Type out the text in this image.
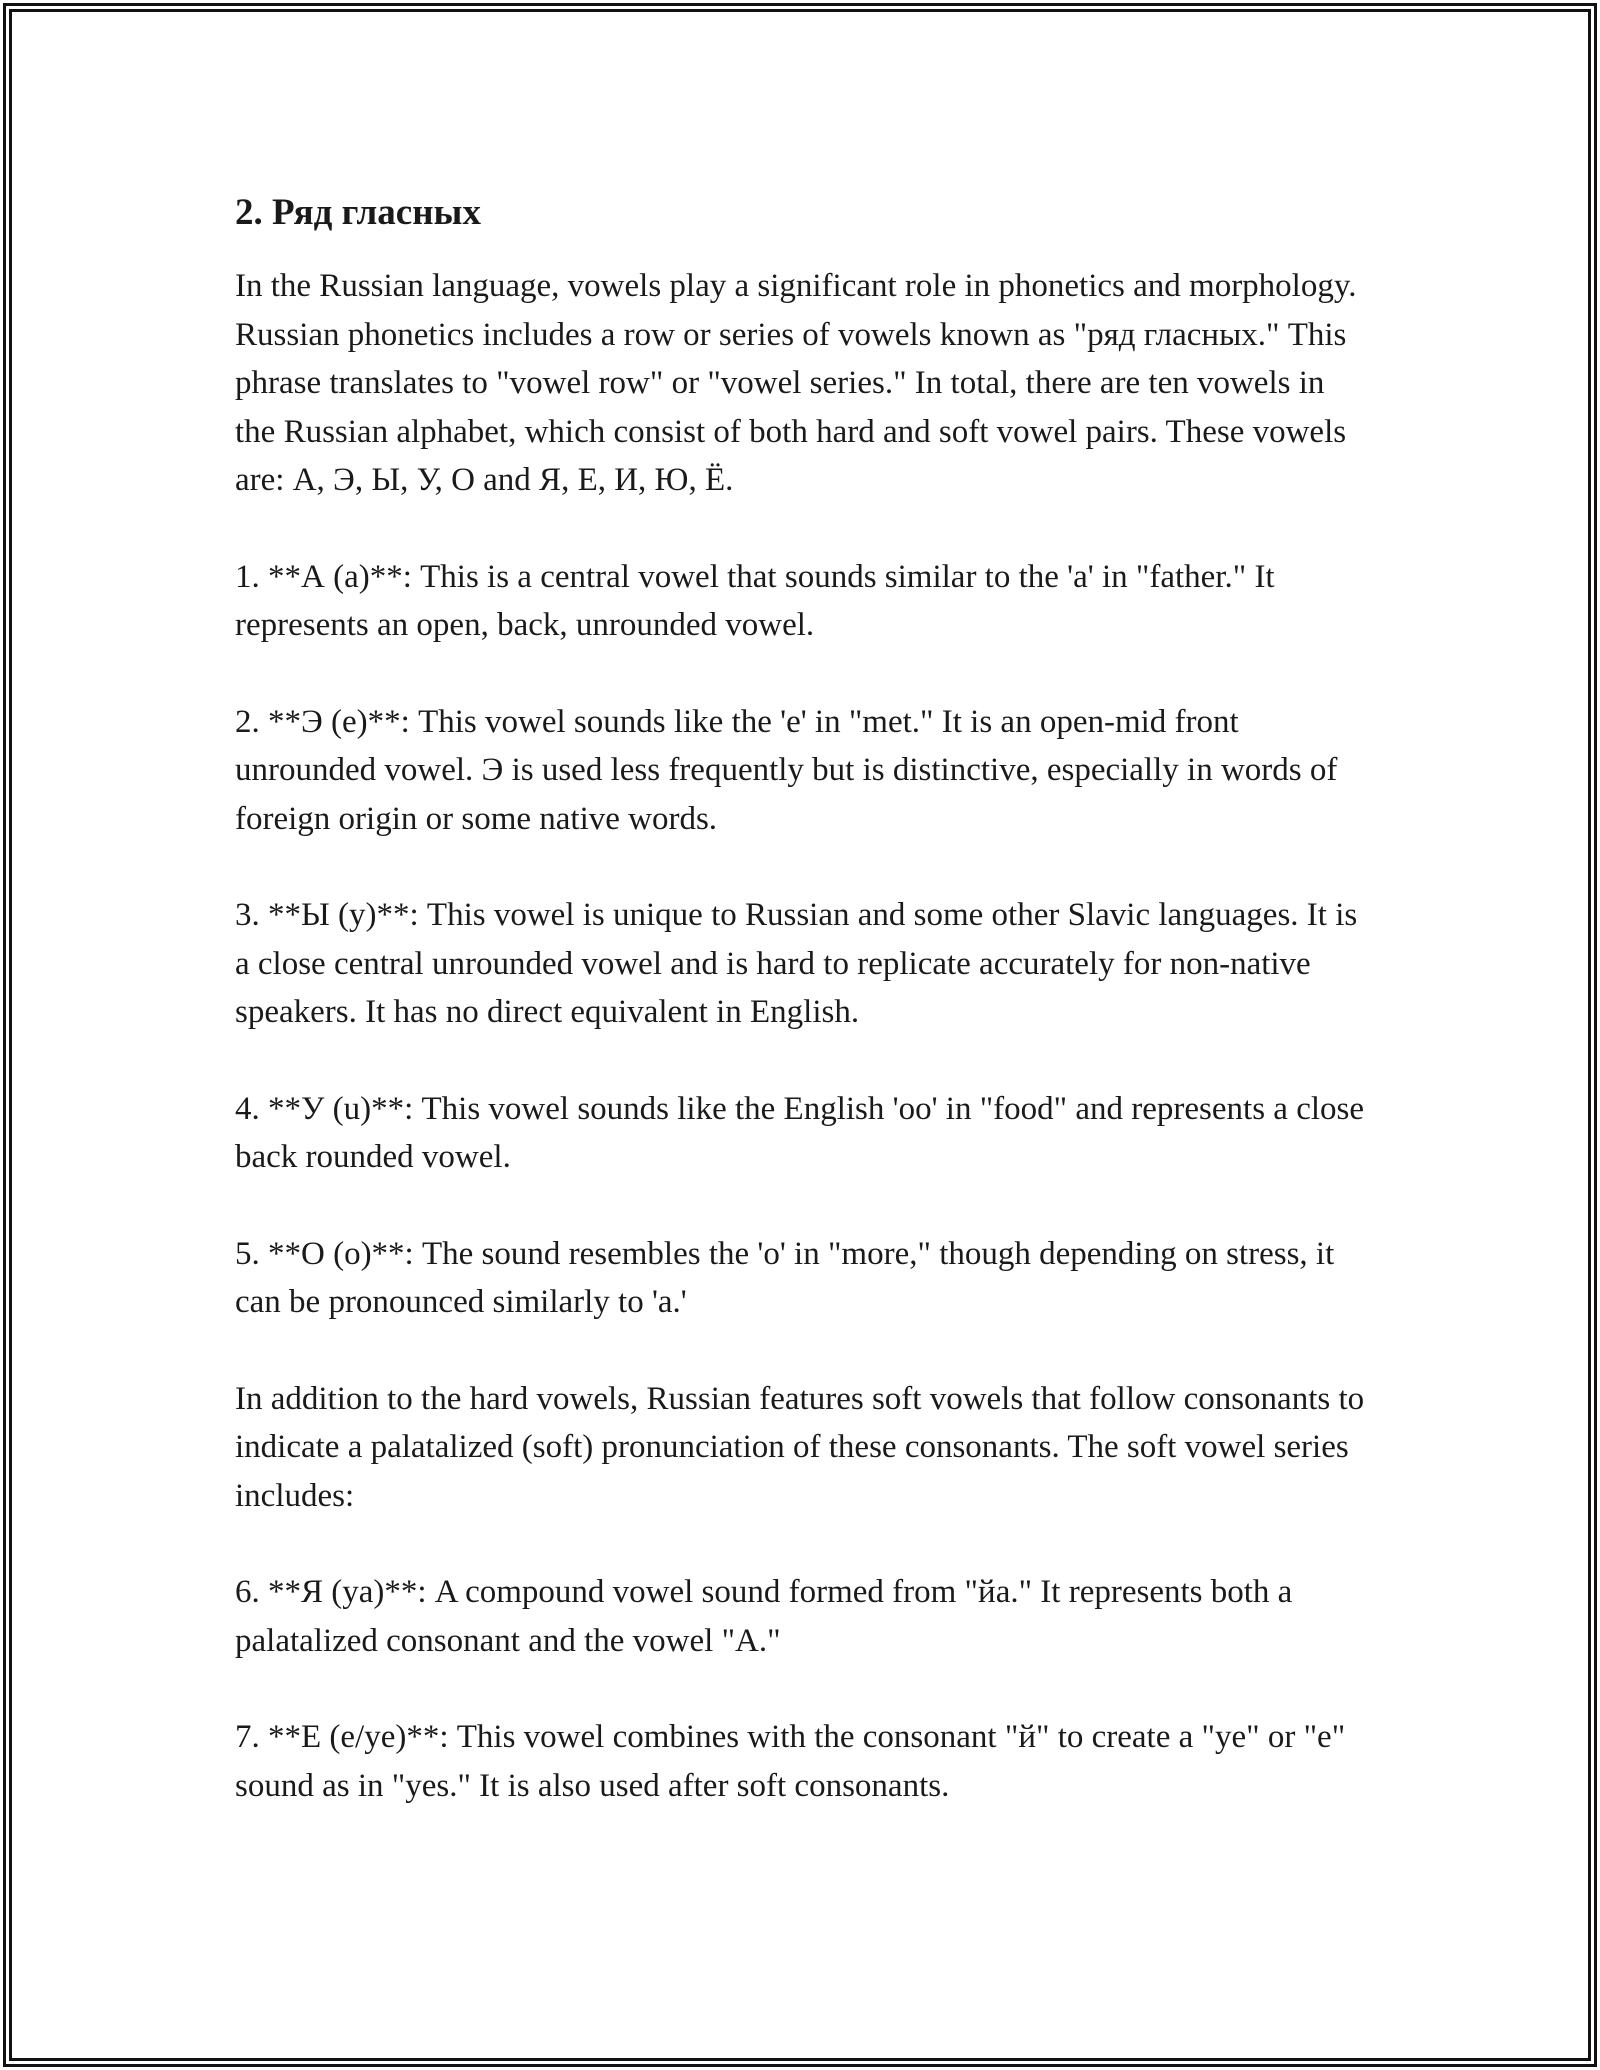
2. Ряд гласных

In the Russian language, vowels play a significant role in phonetics and morphology. Russian phonetics includes a row or series of vowels known as "ряд гласных." This phrase translates to "vowel row" or "vowel series." In total, there are ten vowels in the Russian alphabet, which consist of both hard and soft vowel pairs. These vowels are: А, Э, Ы, У, О and Я, Е, И, Ю, Ё.

1. **А (a)**: This is a central vowel that sounds similar to the 'a' in "father." It represents an open, back, unrounded vowel.

2. **Э (e)**: This vowel sounds like the 'e' in "met." It is an open-mid front unrounded vowel. Э is used less frequently but is distinctive, especially in words of foreign origin or some native words.

3. **Ы (y)**: This vowel is unique to Russian and some other Slavic languages. It is a close central unrounded vowel and is hard to replicate accurately for non-native speakers. It has no direct equivalent in English.

4. **У (u)**: This vowel sounds like the English 'oo' in "food" and represents a close back rounded vowel.

5. **О (o)**: The sound resembles the 'o' in "more," though depending on stress, it can be pronounced similarly to 'a.'

In addition to the hard vowels, Russian features soft vowels that follow consonants to indicate a palatalized (soft) pronunciation of these consonants. The soft vowel series includes:

6. **Я (ya)**: A compound vowel sound formed from "йа." It represents both a palatalized consonant and the vowel "А."

7. **Е (e/ye)**: This vowel combines with the consonant "й" to create a "ye" or "e" sound as in "yes." It is also used after soft consonants.
